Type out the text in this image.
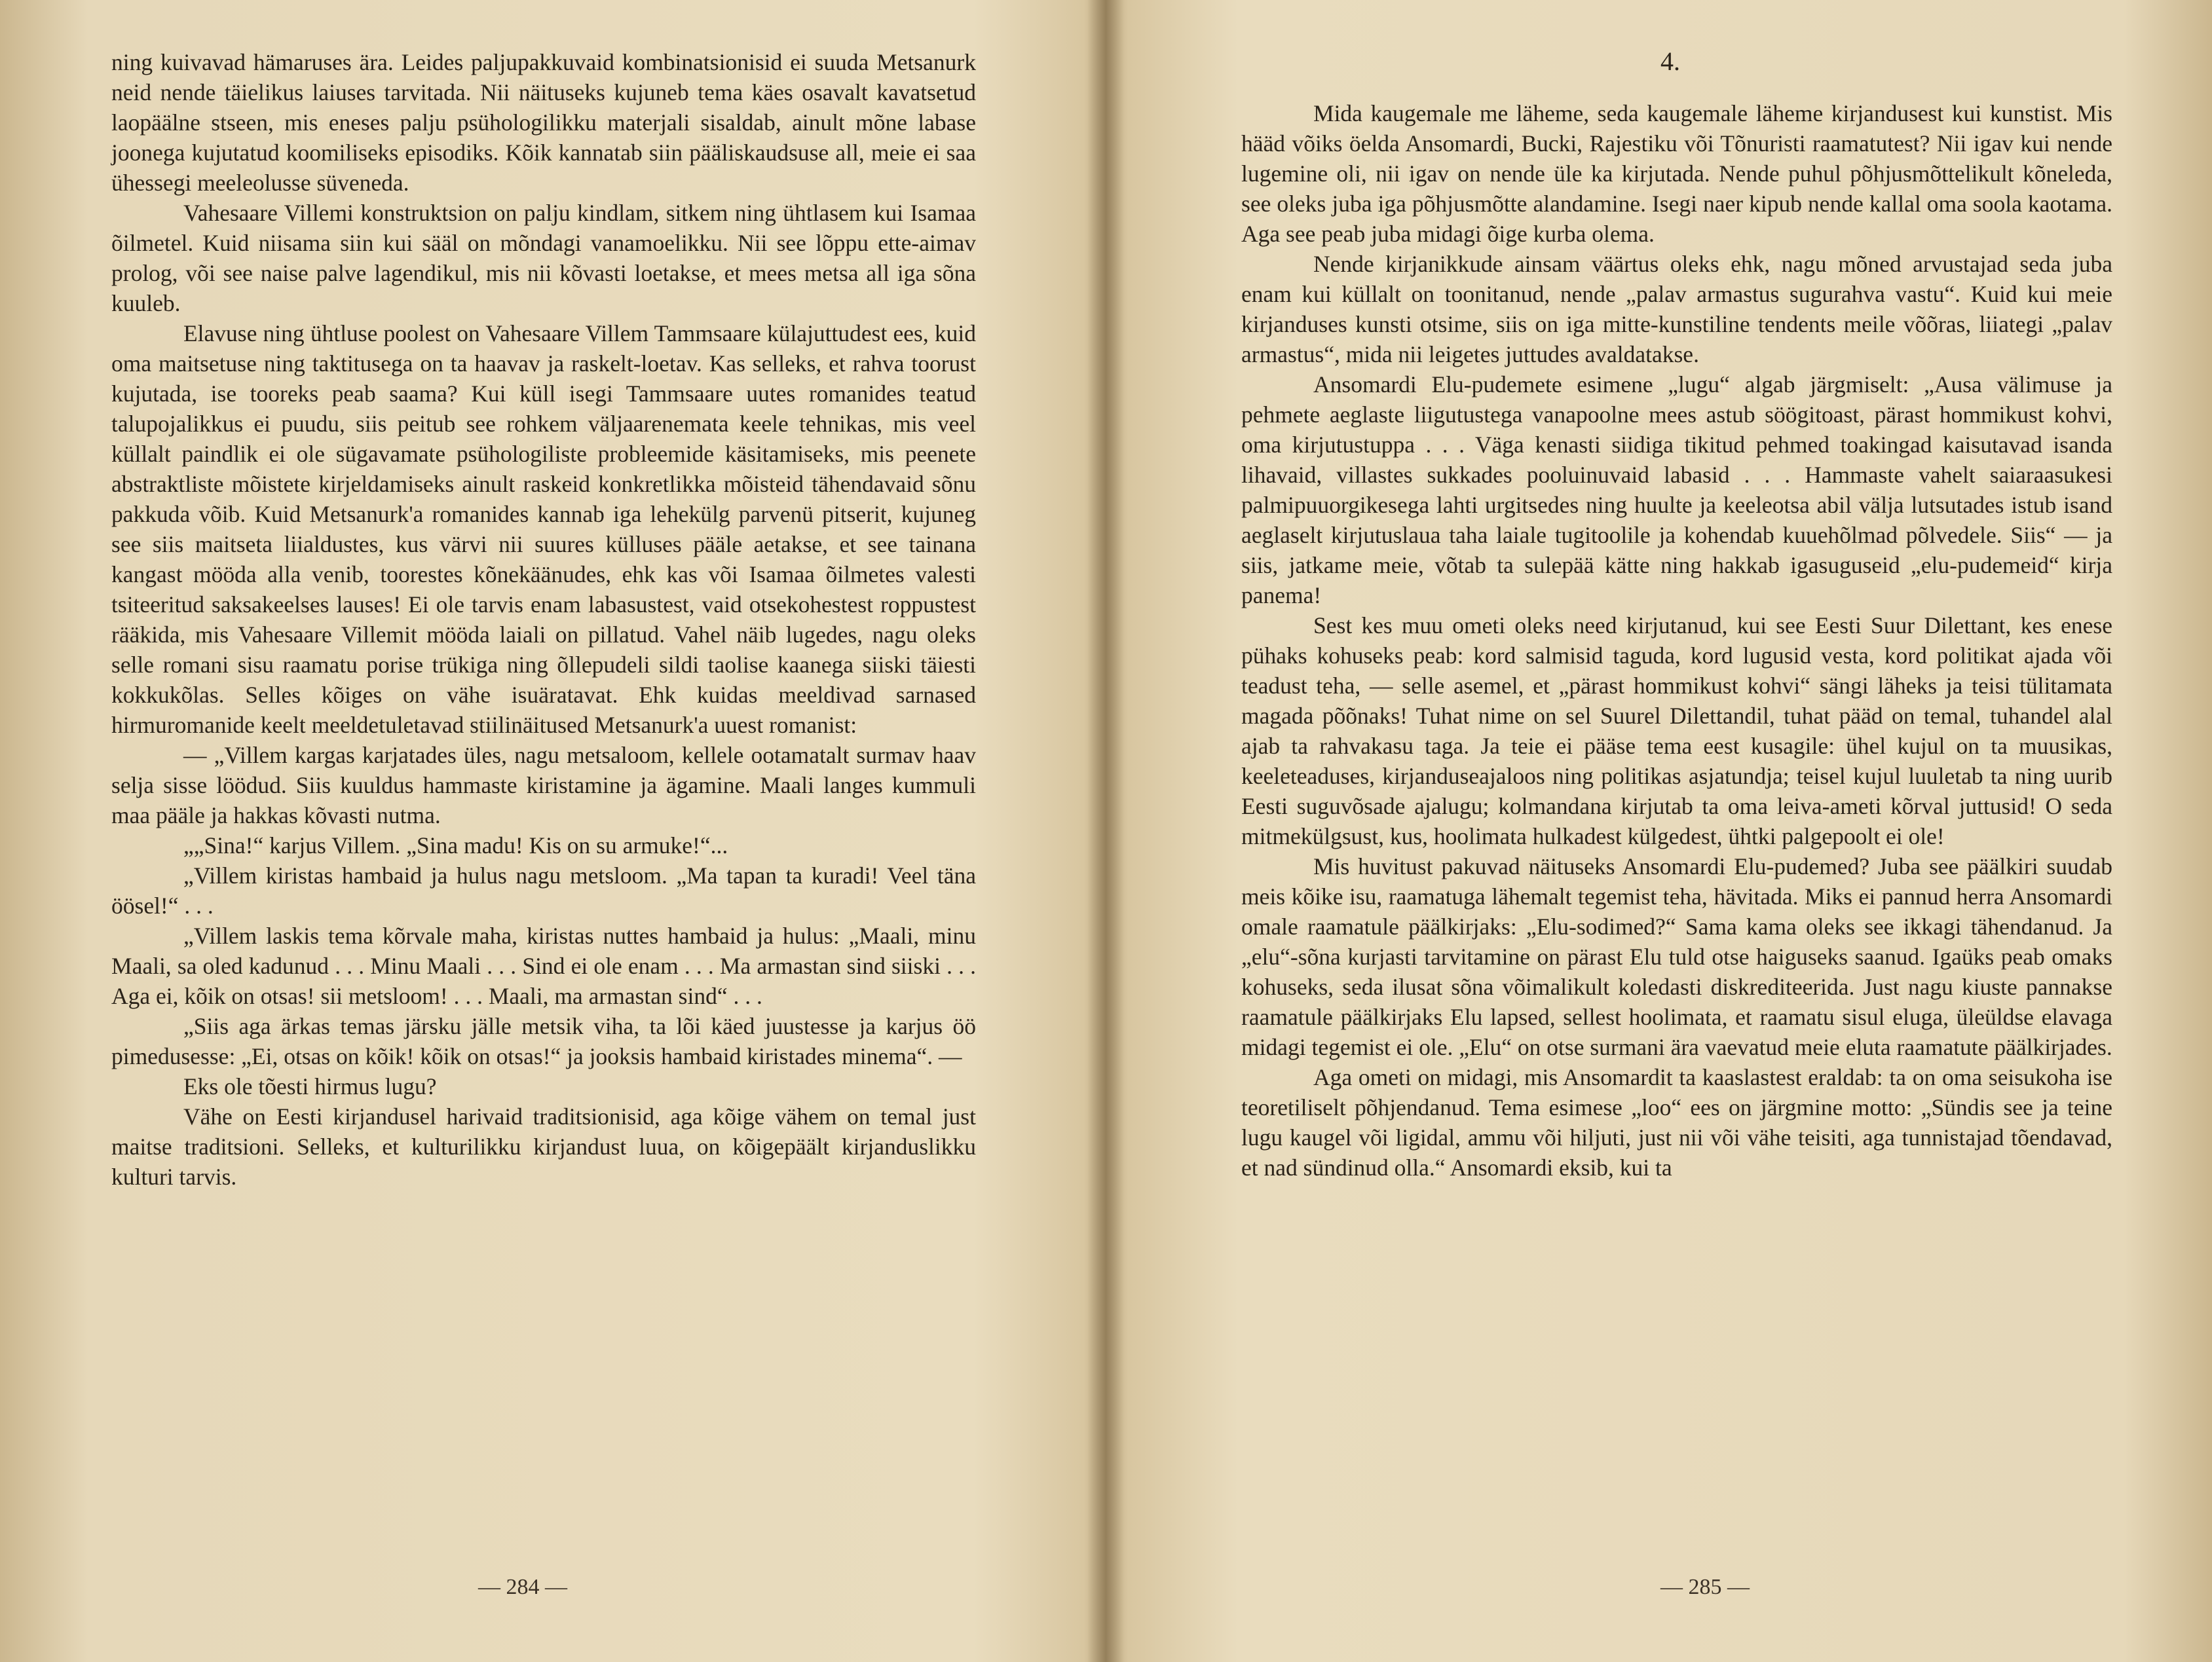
ning kuivavad hämaruses ära. Leides paljupakkuvaid kombinatsionisid ei suuda Metsanurk neid nende täielikus laiuses tarvitada. Nii näituseks kujuneb tema käes osavalt kavatsetud laopäälne stseen, mis eneses palju psühologilikku materjali sisaldab, ainult mõne labase joonega kujutatud koomiliseks episodiks. Kõik kannatab siin pääliskaudsuse all, meie ei saa ühessegi meeleolusse süveneda.

Vahesaare Villemi konstruktsion on palju kindlam, sitkem ning ühtlasem kui Isamaa õilmetel. Kuid niisama siin kui sääl on mõndagi vanamoelikku. Nii see lõppu ette-aimav prolog, või see naise palve lagendikul, mis nii kõvasti loetakse, et mees metsa all iga sõna kuuleb.

Elavuse ning ühtluse poolest on Vahesaare Villem Tammsaare külajuttudest ees, kuid oma maitsetuse ning taktitusega on ta haavav ja raskelt-loetav. Kas selleks, et rahva toorust kujutada, ise tooreks peab saama? Kui küll isegi Tammsaare uutes romanides teatud talupojalikkus ei puudu, siis peitub see rohkem väljaarenemata keele tehnikas, mis veel küllalt paindlik ei ole sügavamate psühologiliste probleemide käsitamiseks, mis peenete abstraktliste mõistete kirjeldamiseks ainult raskeid konkretlikka mõisteid tähendavaid sõnu pakkuda võib. Kuid Metsanurk'a romanides kannab iga lehekülg parvenü pitserit, kujuneg see siis maitseta liialdustes, kus värvi nii suures külluses pääle aetakse, et see tainana kangast mööda alla venib, toorestes kõnekäänudes, ehk kas või Isamaa õilmetes valesti tsiteeritud saksakeelses lauses! Ei ole tarvis enam labasustest, vaid otsekohestest roppustest rääkida, mis Vahesaare Villemit mööda laiali on pillatud. Vahel näib lugedes, nagu oleks selle romani sisu raamatu porise trükiga ning õllepudeli sildi taolise kaanega siiski täiesti kokkukõlas. Selles kõiges on vähe isuäratavat. Ehk kuidas meeldivad sarnased hirmuromanide keelt meeldetuletavad stiilinäitused Metsanurk'a uuest romanist:

— „Villem kargas karjatades üles, nagu metsaloom, kellele ootamatalt surmav haav selja sisse löödud. Siis kuuldus hammaste kiristamine ja ägamine. Maali langes kummuli maa pääle ja hakkas kõvasti nutma.

„„Sina!“ karjus Villem. „Sina madu! Kis on su armuke!“...

„Villem kiristas hambaid ja hulus nagu metsloom. „Ma tapan ta kuradi! Veel täna öösel!“ . . .

„Villem laskis tema kõrvale maha, kiristas nuttes hambaid ja hulus: „Maali, minu Maali, sa oled kadunud . . . Minu Maali . . . Sind ei ole enam . . . Ma armastan sind siiski . . . Aga ei, kõik on otsas! sii metsloom! . . . Maali, ma armastan sind“ . . .

„Siis aga ärkas temas järsku jälle metsik viha, ta lõi käed juustesse ja karjus öö pimedusesse: „Ei, otsas on kõik! kõik on otsas!“ ja jooksis hambaid kiristades minema“. —

Eks ole tõesti hirmus lugu?

Vähe on Eesti kirjandusel harivaid traditsionisid, aga kõige vähem on temal just maitse traditsioni. Selleks, et kulturilikku kirjandust luua, on kõigepäält kirjanduslikku kulturi tarvis.

— 284 —
4.

Mida kaugemale me läheme, seda kaugemale läheme kirjandusest kui kunstist. Mis hääd võiks öelda Ansomardi, Bucki, Rajestiku või Tõnuristi raamatutest? Nii igav kui nende lugemine oli, nii igav on nende üle ka kirjutada. Nende puhul põhjusmõttelikult kõneleda, see oleks juba iga põhjusmõtte alandamine. Isegi naer kipub nende kallal oma soola kaotama. Aga see peab juba midagi õige kurba olema.

Nende kirjanikkude ainsam väärtus oleks ehk, nagu mõned arvustajad seda juba enam kui küllalt on toonitanud, nende „palav armastus sugurahva vastu“. Kuid kui meie kirjanduses kunsti otsime, siis on iga mitte-kunstiline tendents meile võõras, liiategi „palav armastus“, mida nii leigetes juttudes avaldatakse.

Ansomardi Elu-pudemete esimene „lugu“ algab järgmiselt: „Ausa välimuse ja pehmete aeglaste liigutustega vanapoolne mees astub söögitoast, pärast hommikust kohvi, oma kirjutustuppa . . . Väga kenasti siidiga tikitud pehmed toakingad kaisutavad isanda lihavaid, villastes sukkades pooluinuvaid labasid . . . Hammaste vahelt saiaraasukesi palmipuuorgikesega lahti urgitsedes ning huulte ja keeleotsa abil välja lutsutades istub isand aeglaselt kirjutuslaua taha laiale tugitoolile ja kohendab kuuehõlmad põlvedele. Siis“ — ja siis, jatkame meie, võtab ta sulepää kätte ning hakkab igasuguseid „elu-pudemeid“ kirja panema!

Sest kes muu ometi oleks need kirjutanud, kui see Eesti Suur Dilettant, kes enese pühaks kohuseks peab: kord salmisid taguda, kord lugusid vesta, kord politikat ajada või teadust teha, — selle asemel, et „pärast hommikust kohvi“ sängi läheks ja teisi tülitamata magada põõnaks! Tuhat nime on sel Suurel Dilettandil, tuhat pääd on temal, tuhandel alal ajab ta rahvakasu taga. Ja teie ei pääse tema eest kusagile: ühel kujul on ta muusikas, keeleteaduses, kirjanduseajaloos ning politikas asjatundja; teisel kujul luuletab ta ning uurib Eesti suguvõsade ajalugu; kolmandana kirjutab ta oma leiva-ameti kõrval juttusid! O seda mitmekülgsust, kus, hoolimata hulkadest külgedest, ühtki palgepoolt ei ole!

Mis huvitust pakuvad näituseks Ansomardi Elu-pudemed? Juba see päälkiri suudab meis kõike isu, raamatuga lähemalt tegemist teha, hävitada. Miks ei pannud herra Ansomardi omale raamatule päälkirjaks: „Elu-sodimed?“ Sama kama oleks see ikkagi tähendanud. Ja „elu“-sõna kurjasti tarvitamine on pärast Elu tuld otse haiguseks saanud. Igaüks peab omaks kohuseks, seda ilusat sõna võimalikult koledasti diskrediteerida. Just nagu kiuste pannakse raamatule päälkirjaks Elu lapsed, sellest hoolimata, et raamatu sisul eluga, üleüldse elavaga midagi tegemist ei ole. „Elu“ on otse surmani ära vaevatud meie eluta raamatute päälkirjades.

Aga ometi on midagi, mis Ansomardit ta kaaslastest eraldab: ta on oma seisukoha ise teoretiliselt põhjendanud. Tema esimese „loo“ ees on järgmine motto: „Sündis see ja teine lugu kaugel või ligidal, ammu või hiljuti, just nii või vähe teisiti, aga tunnistajad tõendavad, et nad sündinud olla.“ Ansomardi eksib, kui ta

— 285 —
